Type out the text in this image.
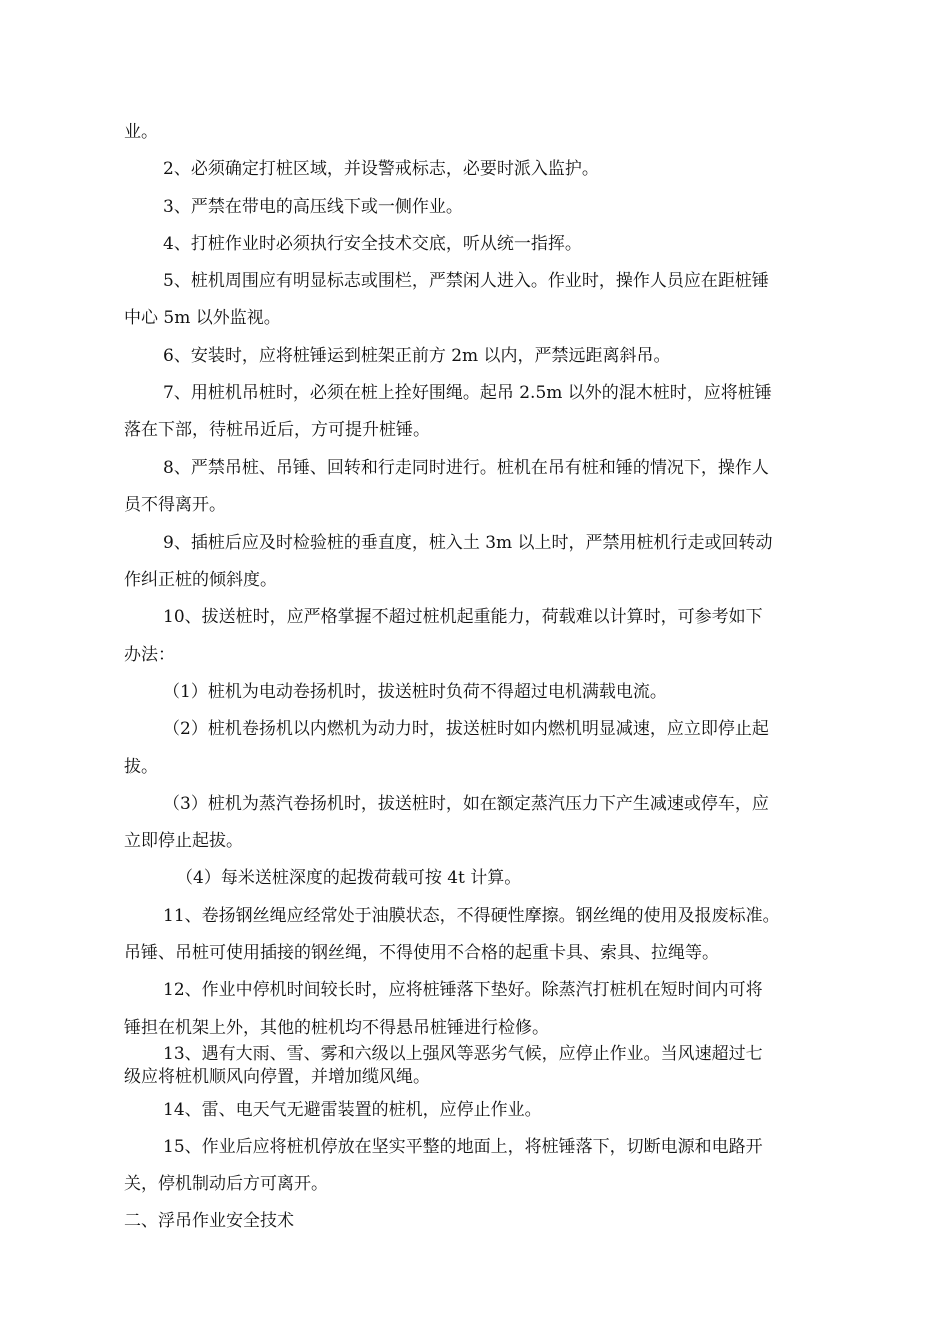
业。
2、必须确定打桩区域，并设警戒标志，必要时派入监护。
3、严禁在带电的高压线下或一侧作业。
4、打桩作业时必须执行安全技术交底，听从统一指挥。
5、桩机周围应有明显标志或围栏，严禁闲人进入。作业时，操作人员应在距桩锤
中心 5m 以外监视。
6、安装时，应将桩锤运到桩架正前方 2m 以内，严禁远距离斜吊。
7、用桩机吊桩时，必须在桩上拴好围绳。起吊 2.5m 以外的混木桩时，应将桩锤
落在下部，待桩吊近后，方可提升桩锤。
8、严禁吊桩、吊锤、回转和行走同时进行。桩机在吊有桩和锤的情况下，操作人
员不得离开。
9、插桩后应及时检验桩的垂直度，桩入土 3m 以上时，严禁用桩机行走或回转动
作纠正桩的倾斜度。
10、拔送桩时，应严格掌握不超过桩机起重能力，荷载难以计算时，可参考如下
办法：
（1）桩机为电动卷扬机时，拔送桩时负荷不得超过电机满载电流。
（2）桩机卷扬机以内燃机为动力时，拔送桩时如内燃机明显减速，应立即停止起
拔。
（3）桩机为蒸汽卷扬机时，拔送桩时，如在额定蒸汽压力下产生减速或停车，应
立即停止起拔。
（4）每米送桩深度的起拨荷载可按 4t 计算。
11、卷扬钢丝绳应经常处于油膜状态，不得硬性摩擦。钢丝绳的使用及报废标准。
吊锤、吊桩可使用插接的钢丝绳，不得使用不合格的起重卡具、索具、拉绳等。
12、作业中停机时间较长时，应将桩锤落下垫好。除蒸汽打桩机在短时间内可将
锤担在机架上外，其他的桩机均不得悬吊桩锤进行检修。
13、遇有大雨、雪、雾和六级以上强风等恶劣气候，应停止作业。当风速超过七
级应将桩机顺风向停置，并增加缆风绳。
14、雷、电天气无避雷装置的桩机，应停止作业。
15、作业后应将桩机停放在坚实平整的地面上，将桩锤落下，切断电源和电路开
关，停机制动后方可离开。
二、浮吊作业安全技术
